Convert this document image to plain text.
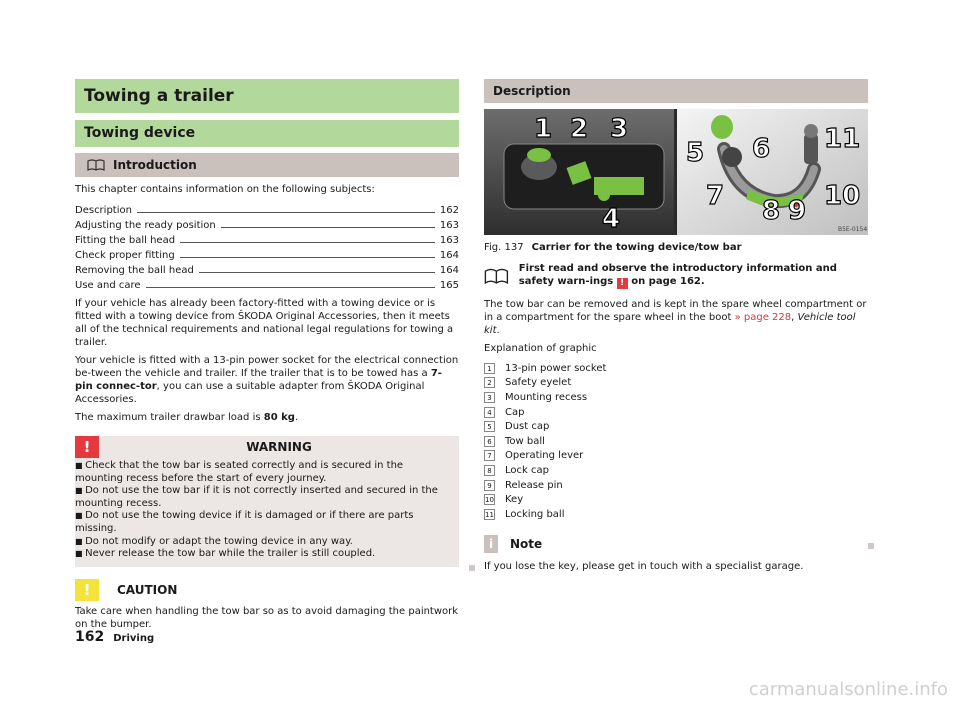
Towing a trailer
Towing device
Introduction

This chapter contains information on the following subjects:

Description	162
Adjusting the ready position	163
Fitting the ball head	163
Check proper fitting	164
Removing the ball head	164
Use and care	165

If your vehicle has already been factory-fitted with a towing device or is fitted with a towing device from ŠKODA Original Accessories, then it meets all of the technical requirements and national legal regulations for towing a trailer.

Your vehicle is fitted with a 13-pin power socket for the electrical connection be-tween the vehicle and trailer. If the trailer that is to be towed has a 7-pin connec-tor, you can use a suitable adapter from ŠKODA Original Accessories.

The maximum trailer drawbar load is 80 kg.

!	WARNING
■ Check that the tow bar is seated correctly and is secured in the mounting recess before the start of every journey.
■ Do not use the tow bar if it is not correctly inserted and secured in the mounting recess.
■ Do not use the towing device if it is damaged or if there are parts missing.
■ Do not modify or adapt the towing device in any way.
■ Never release the tow bar while the trailer is still coupled.
!	CAUTION

Take care when handling the tow bar so as to avoid damaging the paintwork on the bumper.

Description
1 2 3
4
5 6
7 8 9 10
11
B5E-0154
Fig. 137 Carrier for the towing device/tow bar
First read and observe the introductory information and safety warn-ings ! on page 162.

The tow bar can be removed and is kept in the spare wheel compartment or in a compartment for the spare wheel in the boot » page 228, Vehicle tool kit.

Explanation of graphic

1	13-pin power socket
2	Safety eyelet
3	Mounting recess
4	Cap
5	Dust cap
6	Tow ball
7	Operating lever
8	Lock cap
9	Release pin
10 Key
11 Locking ball
i	Note

If you lose the key, please get in touch with a specialist garage.

162 Driving
carmanualsonline.info
